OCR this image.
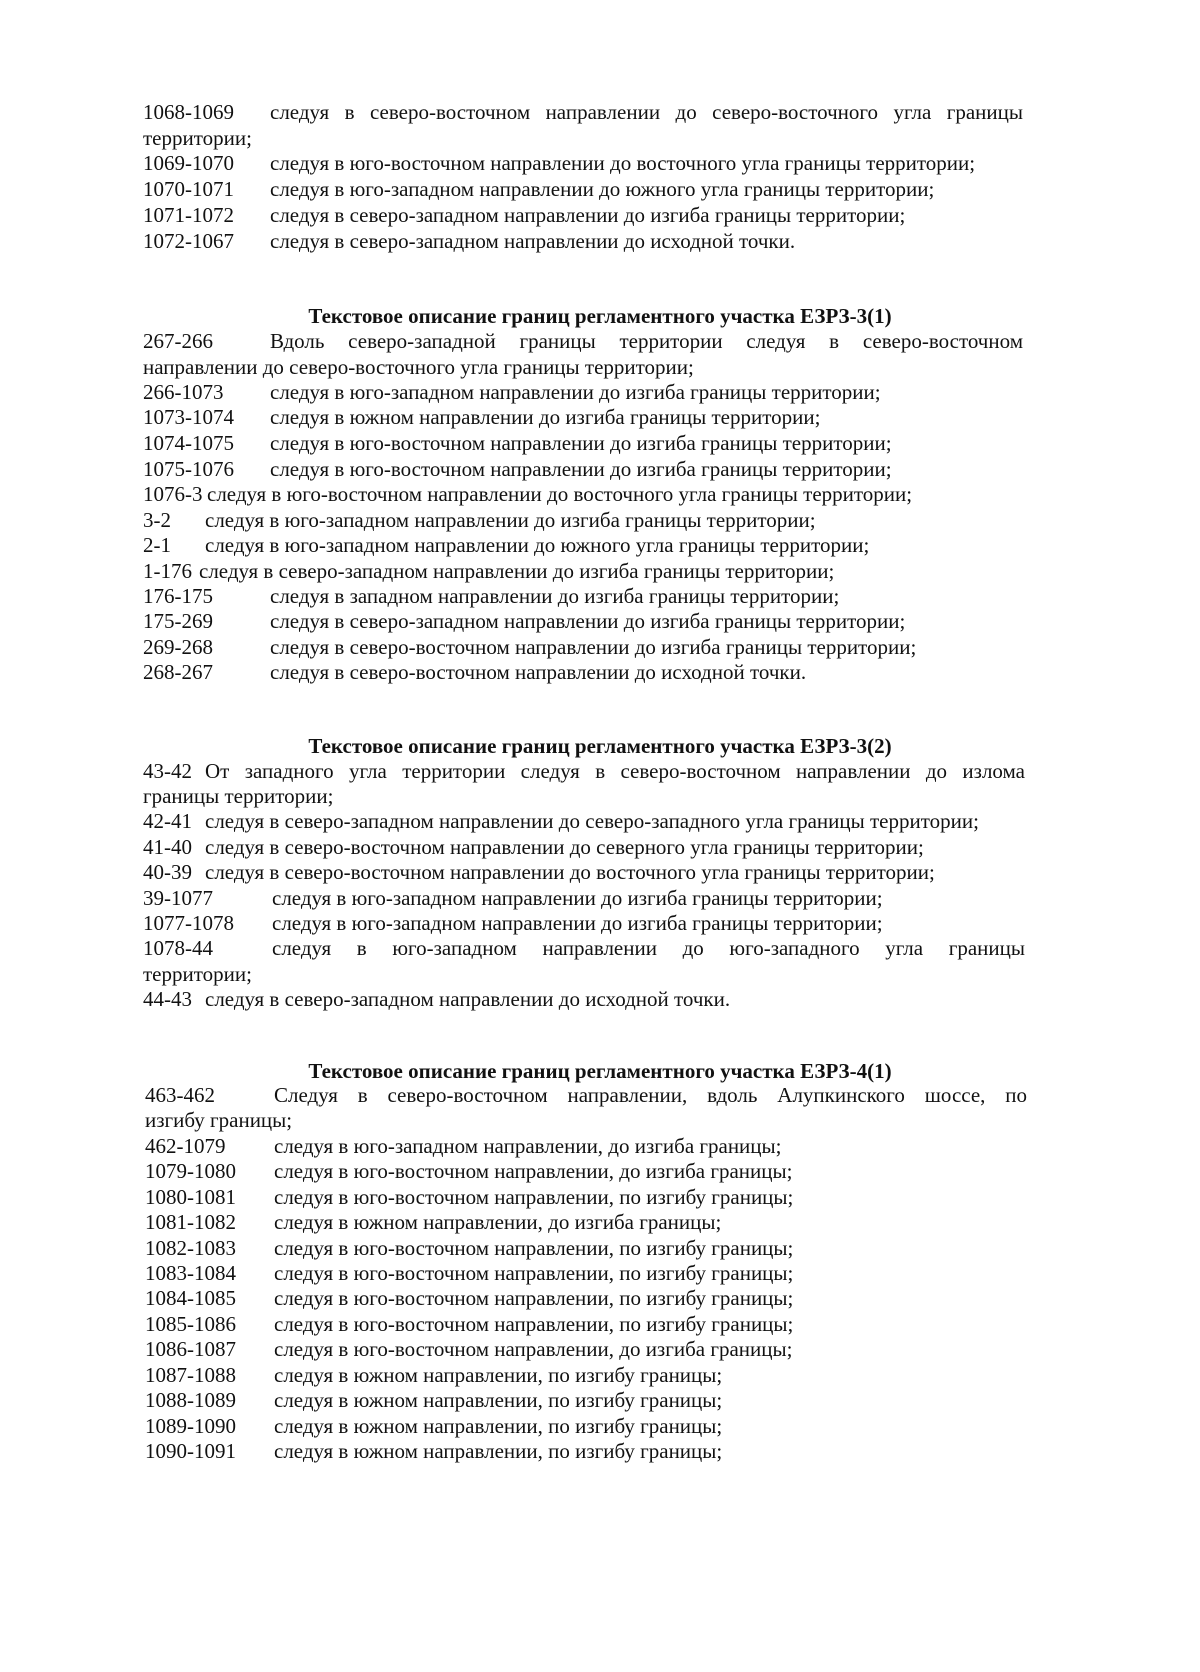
1068-1069 следуя в северо-восточном направлении до северо-восточного угла границы
территории;
1069-1070 следуя в юго-восточном направлении до восточного угла границы территории;
1070-1071 следуя в юго-западном направлении до южного угла границы территории;
1071-1072 следуя в северо-западном направлении до изгиба границы территории;
1072-1067 следуя в северо-западном направлении до исходной точки.
Текстовое описание границ регламентного участка ЕЗРЗ-3(1)
267-266	Вдоль северо-западной границы территории следуя в северо-восточном
направлении до северо-восточного угла границы территории;
266-1073 следуя в юго-западном направлении до изгиба границы территории;
1073-1074 следуя в южном направлении до изгиба границы территории;
1074-1075 следуя в юго-восточном направлении до изгиба границы территории;
1075-1076 следуя в юго-восточном направлении до изгиба границы территории;
1076-3 следуя в юго-восточном направлении до восточного угла границы территории;
3-2 следуя в юго-западном направлении до изгиба границы территории;
2-1 следуя в юго-западном направлении до южного угла границы территории;
1-176 следуя в северо-западном направлении до изгиба границы территории;
176-175	следуя в западном направлении до изгиба границы территории;
175-269	следуя в северо-западном направлении до изгиба границы территории;
269-268	следуя в северо-восточном направлении до изгиба границы территории;
268-267	следуя в северо-восточном направлении до исходной точки.
Текстовое описание границ регламентного участка ЕЗРЗ-3(2)
43-42 От западного угла территории следуя в северо-восточном направлении до излома
границы территории;
42-41 следуя в северо-западном направлении до северо-западного угла границы территории;
41-40 следуя в северо-восточном направлении до северного угла границы территории;
40-39 следуя в северо-восточном направлении до восточного угла границы территории;
39-1077	следуя в юго-западном направлении до изгиба границы территории;
1077-1078 следуя в юго-западном направлении до изгиба границы территории;
1078-44	следуя в юго-западном направлении до юго-западного угла границы
территории;
44-43 следуя в северо-западном направлении до исходной точки.
Текстовое описание границ регламентного участка ЕЗРЗ-4(1)
463-462	Следуя в северо-восточном направлении, вдоль Алупкинского шоссе, по
изгибу границы;
462-1079 следуя в юго-западном направлении, до изгиба границы;
1079-1080 следуя в юго-восточном направлении, до изгиба границы;
1080-1081 следуя в юго-восточном направлении, по изгибу границы;
1081-1082 следуя в южном направлении, до изгиба границы;
1082-1083 следуя в юго-восточном направлении, по изгибу границы;
1083-1084 следуя в юго-восточном направлении, по изгибу границы;
1084-1085 следуя в юго-восточном направлении, по изгибу границы;
1085-1086 следуя в юго-восточном направлении, по изгибу границы;
1086-1087 следуя в юго-восточном направлении, до изгиба границы;
1087-1088 следуя в южном направлении, по изгибу границы;
1088-1089 следуя в южном направлении, по изгибу границы;
1089-1090 следуя в южном направлении, по изгибу границы;
1090-1091 следуя в южном направлении, по изгибу границы;
